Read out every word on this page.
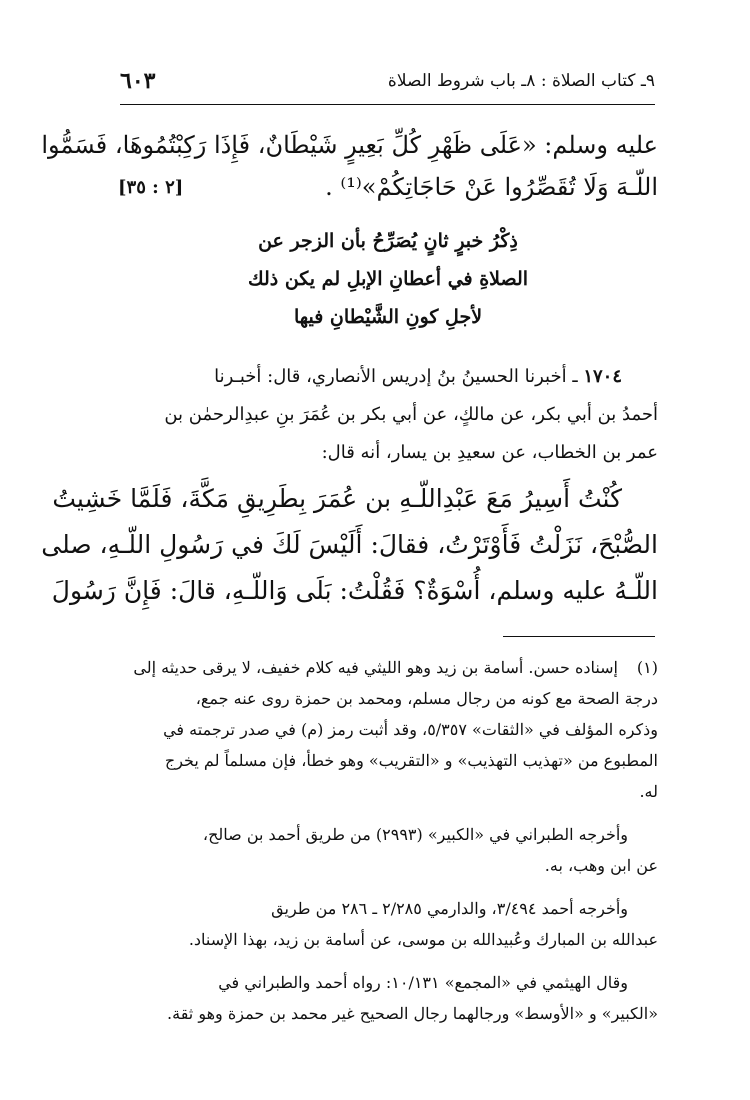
٩ـ كتاب الصلاة : ٨ـ باب شروط الصلاة
٦٠٣
عليه وسلم: «عَلَى ظَهْرِ كُلِّ بَعِيرٍ شَيْطَانٌ، فَإِذَا رَكِبْتُمُوهَا، فَسَمُّوا
اللّـهَ وَلَا تُقَصِّرُوا عَنْ حَاجَاتِكُمْ»⁽¹⁾ .
[٢ : ٣٥]
ذِكْرُ خبرٍ ثانٍ يُصَرِّحُ بأن الزجر عن
الصلاةِ في أعطانِ الإبلِ لم يكن ذلك
لأجلِ كونِ الشَّيْطانِ فيها
١٧٠٤ ـ أخبرنا الحسينُ بنُ إدريس الأنصاري، قال: أخبـرنا
أحمدُ بن أبي بكر، عن مالكٍ، عن أبي بكر بن عُمَرَ بنِ عبدِالرحمٰن بن
عمر بن الخطاب، عن سعيدِ بن يسار، أنه قال:
كُنْتُ أَسِيرُ مَعَ عَبْدِاللّـهِ بن عُمَرَ بِطَرِيقِ مَكَّةَ، فَلَمَّا خَشِيتُ
الصُّبْحَ، نَزَلْتُ فَأَوْتَرْتُ، فقالَ: أَلَيْسَ لَكَ في رَسُولِ اللّـهِ، صلى
اللّـهُ عليه وسلم، أُسْوَةٌ؟ فَقُلْتُ: بَلَى وَاللّـهِ، قالَ: فَإِنَّ رَسُولَ
(١)
إسناده حسن. أسامة بن زيد وهو الليثي فيه كلام خفيف، لا يرقى حديثه إلى
درجة الصحة مع كونه من رجال مسلم، ومحمد بن حمزة روى عنه جمع،
وذكره المؤلف في «الثقات» ٥/٣٥٧، وقد أثبت رمز (م) في صدر ترجمته في
المطبوع من «تهذيب التهذيب» و «التقريب» وهو خطأ، فإن مسلماً لم يخرج
له.
وأخرجه الطبراني في «الكبير» (٢٩٩٣) من طريق أحمد بن صالح،
عن ابن وهب، به.
وأخرجه أحمد ٣/٤٩٤، والدارمي ٢/٢٨٥ ـ ٢٨٦ من طريق
عبدالله بن المبارك وعُبيدالله بن موسى، عن أسامة بن زيد، بهذا الإسناد.
وقال الهيثمي في «المجمع» ١٠/١٣١: رواه أحمد والطبراني في
«الكبير» و «الأوسط» ورجالهما رجال الصحيح غير محمد بن حمزة وهو ثقة.
